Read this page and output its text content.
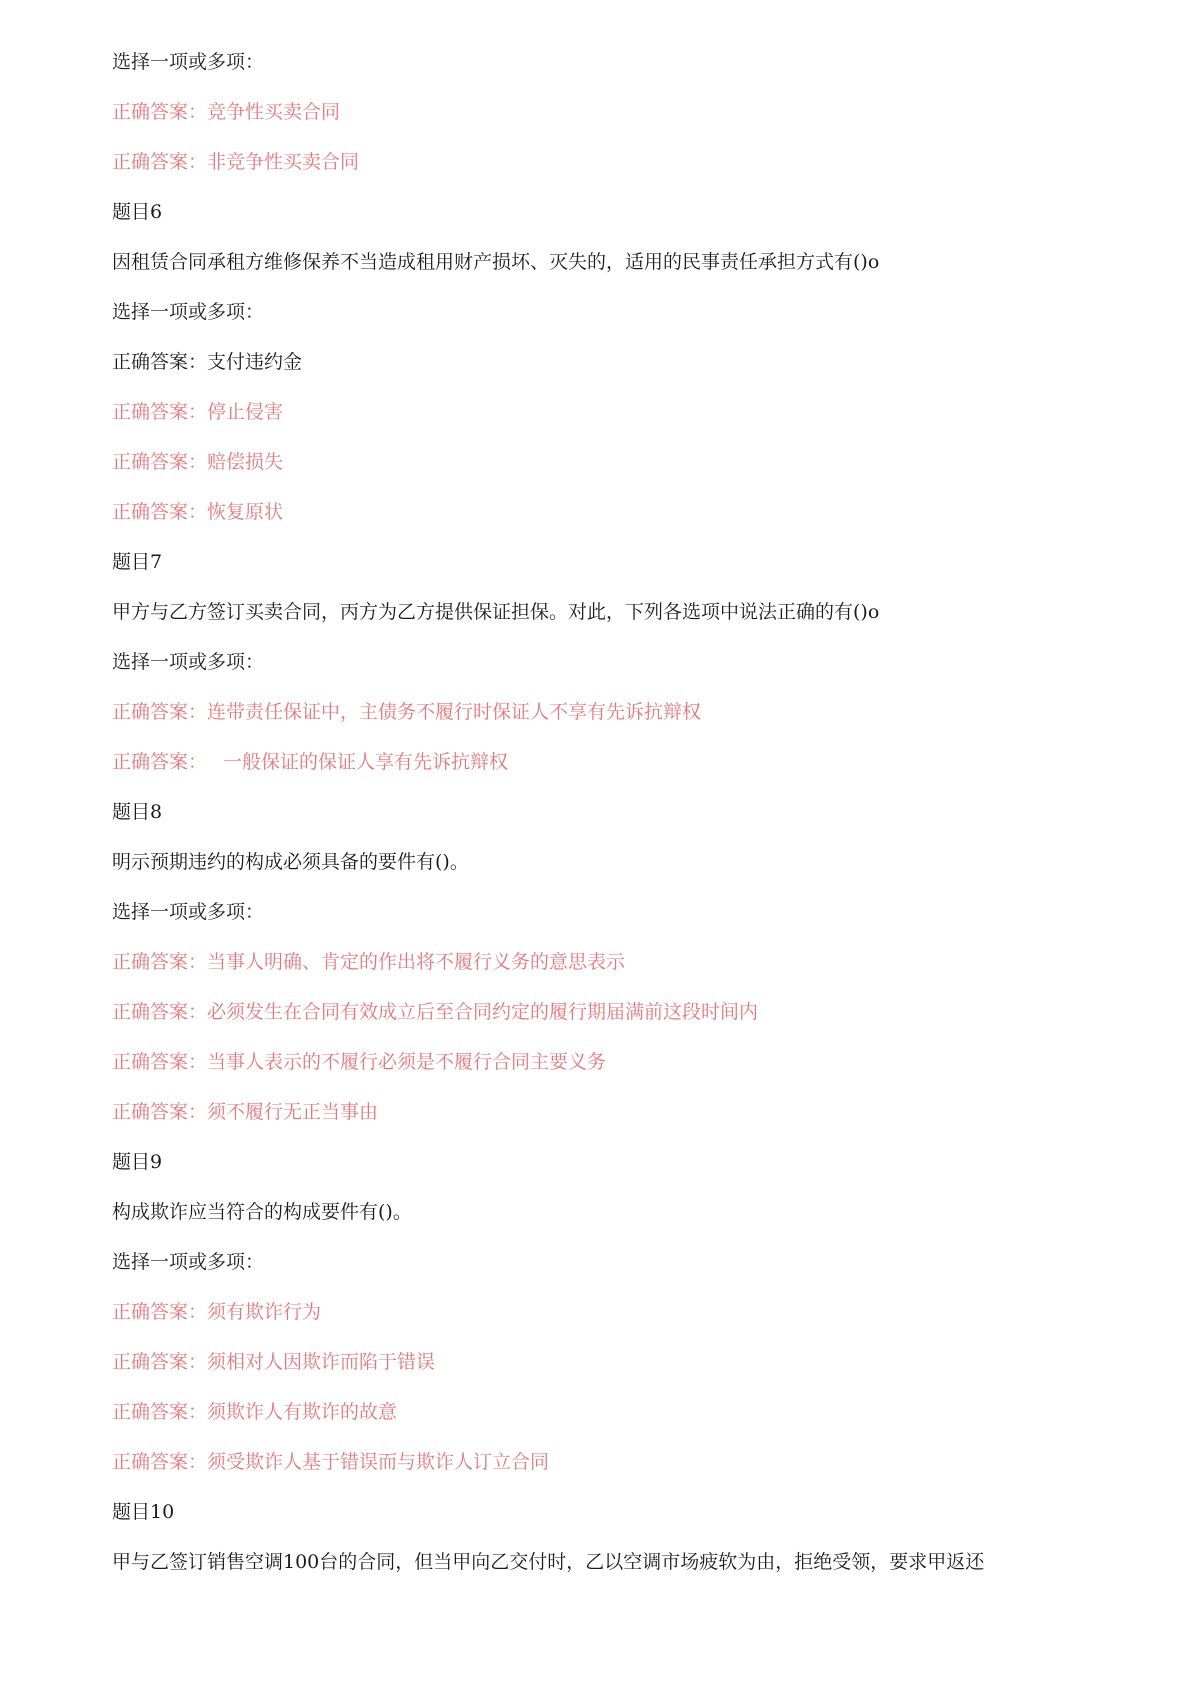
选择一项或多项：
正确答案：竞争性买卖合同
正确答案：非竞争性买卖合同
题目6
因租赁合同承租方维修保养不当造成租用财产损坏、灭失的，适用的民事责任承担方式有()o
选择一项或多项：
正确答案：支付违约金
正确答案：停止侵害
正确答案：赔偿损失
正确答案：恢复原状
题目7
甲方与乙方签订买卖合同，丙方为乙方提供保证担保。对此，下列各选项中说法正确的有()o
选择一项或多项：
正确答案：连带责任保证中，主债务不履行时保证人不享有先诉抗辩权
正确答案： 一般保证的保证人享有先诉抗辩权
题目8
明示预期违约的构成必须具备的要件有()。
选择一项或多项：
正确答案：当事人明确、肯定的作出将不履行义务的意思表示
正确答案：必须发生在合同有效成立后至合同约定的履行期届满前这段时间内
正确答案：当事人表示的不履行必须是不履行合同主要义务
正确答案：须不履行无正当事由
题目9
构成欺诈应当符合的构成要件有()。
选择一项或多项：
正确答案：须有欺诈行为
正确答案：须相对人因欺诈而陷于错误
正确答案：须欺诈人有欺诈的故意
正确答案：须受欺诈人基于错误而与欺诈人订立合同
题目10
甲与乙签订销售空调100台的合同，但当甲向乙交付时，乙以空调市场疲软为由，拒绝受领，要求甲返还
